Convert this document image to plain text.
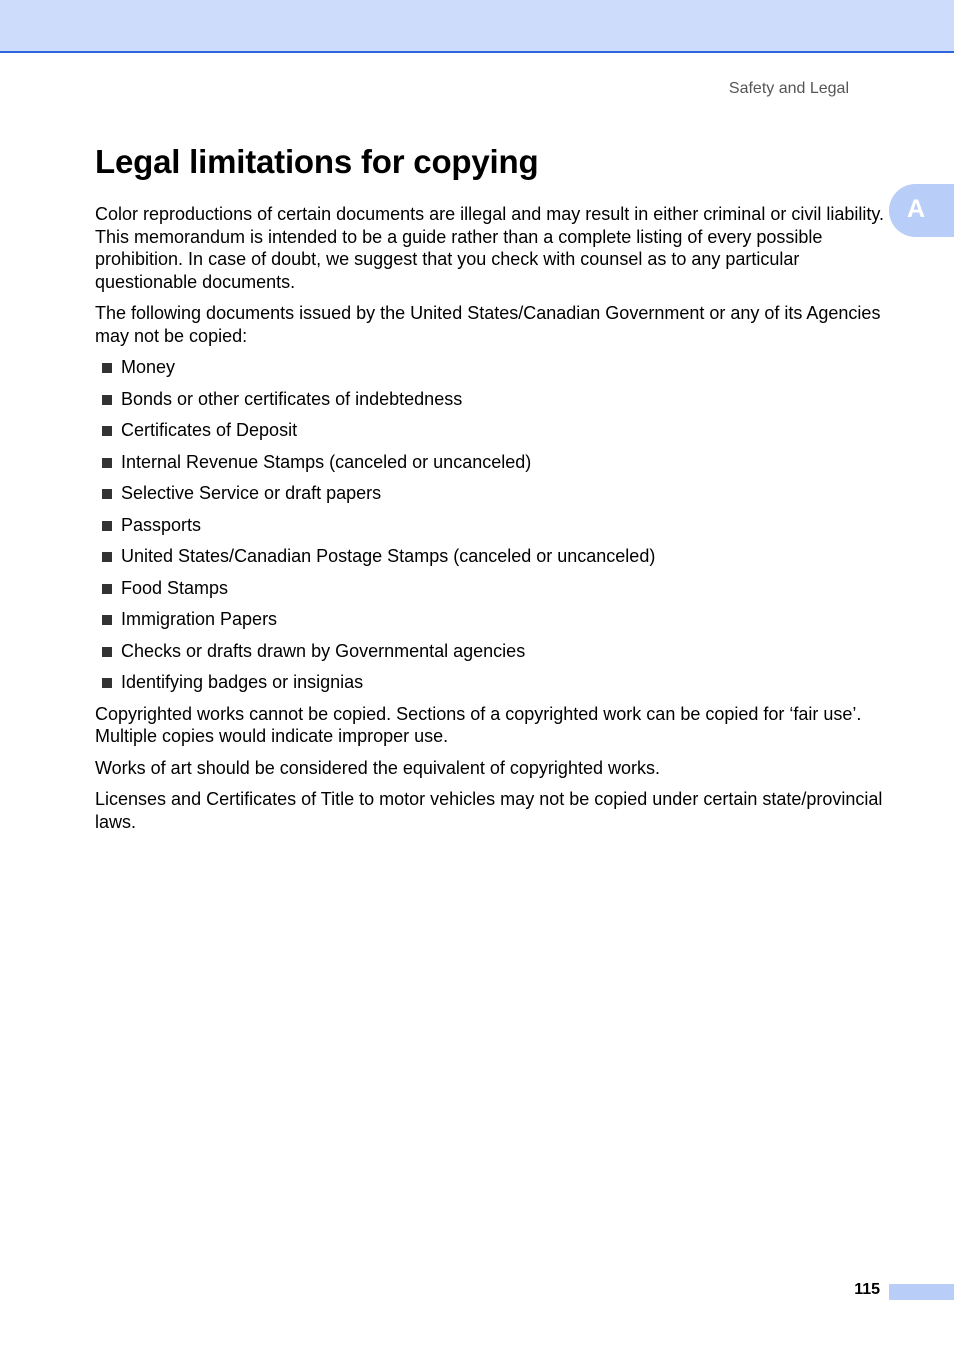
Safety and Legal
A
Legal limitations for copying

Color reproductions of certain documents are illegal and may result in either criminal or civil liability. This memorandum is intended to be a guide rather than a complete listing of every possible prohibition. In case of doubt, we suggest that you check with counsel as to any particular questionable documents.

The following documents issued by the United States/Canadian Government or any of its Agencies may not be copied:

Money
Bonds or other certificates of indebtedness
Certificates of Deposit
Internal Revenue Stamps (canceled or uncanceled)
Selective Service or draft papers
Passports
United States/Canadian Postage Stamps (canceled or uncanceled)
Food Stamps
Immigration Papers
Checks or drafts drawn by Governmental agencies
Identifying badges or insignias

Copyrighted works cannot be copied. Sections of a copyrighted work can be copied for ‘fair use’. Multiple copies would indicate improper use.

Works of art should be considered the equivalent of copyrighted works.

Licenses and Certificates of Title to motor vehicles may not be copied under certain state/provincial laws.

115
